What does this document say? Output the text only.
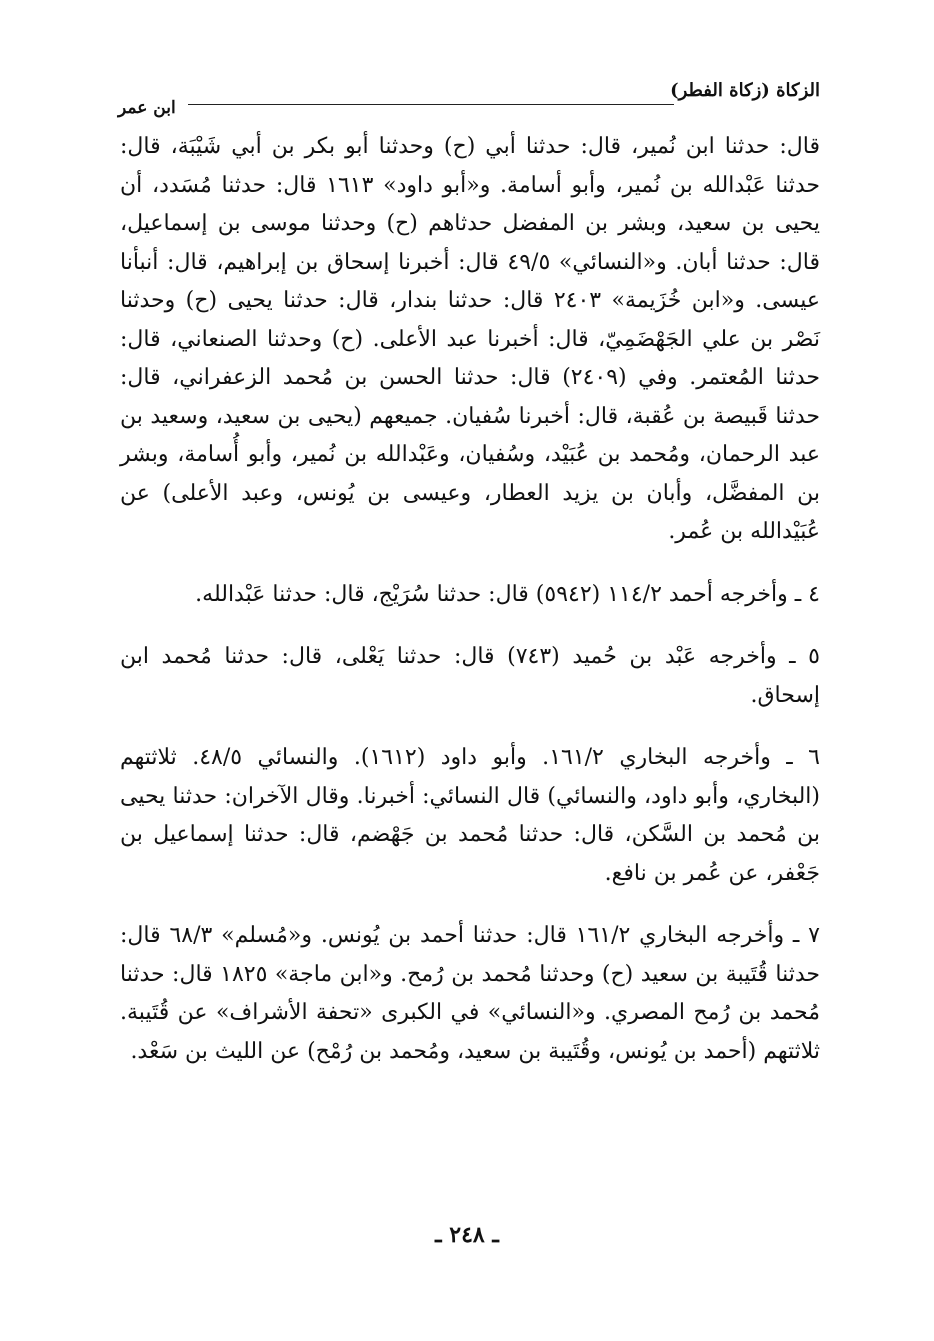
الزكاة (زكاة الفطر)
ابن عمر

قال: حدثنا ابن نُمير، قال: حدثنا أبي (ح) وحدثنا أبو بكر بن أبي شَيْبَة، قال: حدثنا عَبْدالله بن نُمير، وأبو أسامة. و«أبو داود» ١٦١٣ قال: حدثنا مُسَدد، أن يحيى بن سعيد، وبشر بن المفضل حدثاهم (ح) وحدثنا موسى بن إسماعيل، قال: حدثنا أبان. و«النسائي» ٤٩/٥ قال: أخبرنا إسحاق بن إبراهيم، قال: أنبأنا عيسى. و«ابن خُزَيمة» ٢٤٠٣ قال: حدثنا بندار، قال: حدثنا يحيى (ح) وحدثنا نَصْر بن علي الجَهْضَمِيّ، قال: أخبرنا عبد الأعلى. (ح) وحدثنا الصنعاني، قال: حدثنا المُعتمر. وفي (٢٤٠٩) قال: حدثنا الحسن بن مُحمد الزعفراني، قال: حدثنا قَبيصة بن عُقبة، قال: أخبرنا سُفيان. جميعهم (يحيى بن سعيد، وسعيد بن عبد الرحمان، ومُحمد بن عُبَيْد، وسُفيان، وعَبْدالله بن نُمير، وأبو أُسامة، وبشر بن المفضَّل، وأبان بن يزيد العطار، وعيسى بن يُونس، وعبد الأعلى) عن عُبَيْدالله بن عُمر.

٤ ـ وأخرجه أحمد ١١٤/٢ (٥٩٤٢) قال: حدثنا سُرَيْج، قال: حدثنا عَبْدالله.

٥ ـ وأخرجه عَبْد بن حُميد (٧٤٣) قال: حدثنا يَعْلى، قال: حدثنا مُحمد ابن إسحاق.

٦ ـ وأخرجه البخاري ١٦١/٢. وأبو داود (١٦١٢). والنسائي ٤٨/٥. ثلاثتهم (البخاري، وأبو داود، والنسائي) قال النسائي: أخبرنا. وقال الآخران: حدثنا يحيى بن مُحمد بن السَّكن، قال: حدثنا مُحمد بن جَهْضم، قال: حدثنا إسماعيل بن جَعْفر، عن عُمر بن نافع.

٧ ـ وأخرجه البخاري ١٦١/٢ قال: حدثنا أحمد بن يُونس. و«مُسلم» ٦٨/٣ قال: حدثنا قُتَيبة بن سعيد (ح) وحدثنا مُحمد بن رُمح. و«ابن ماجة» ١٨٢٥ قال: حدثنا مُحمد بن رُمح المصري. و«النسائي» في الكبرى «تحفة الأشراف» عن قُتَيبة. ثلاثتهم (أحمد بن يُونس، وقُتَيبة بن سعيد، ومُحمد بن رُمْح) عن الليث بن سَعْد.

ـ ٢٤٨ ـ
